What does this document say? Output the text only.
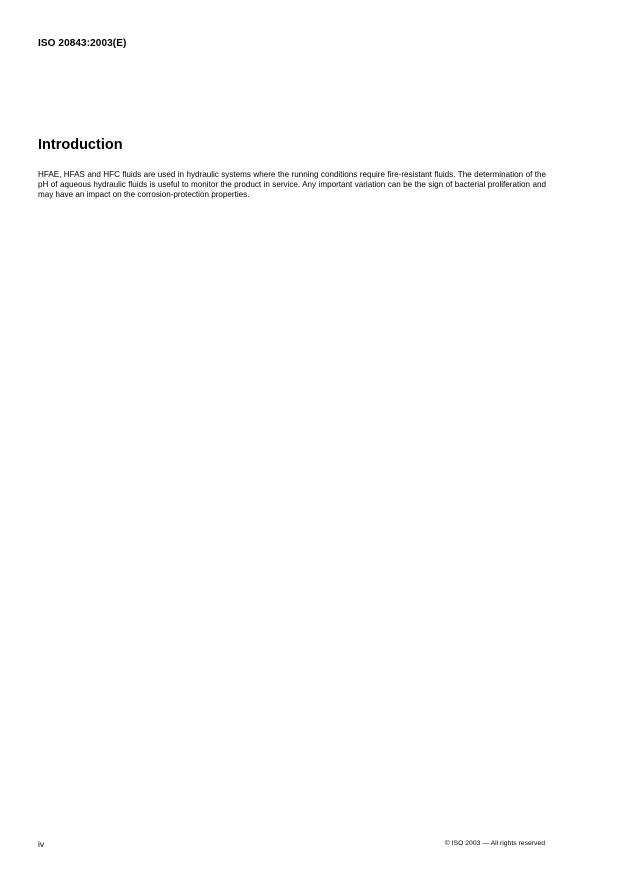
ISO 20843:2003(E)
Introduction

HFAE, HFAS and HFC fluids are used in hydraulic systems where the running conditions require fire-resistant fluids. The determination of the pH of aqueous hydraulic fluids is useful to monitor the product in service. Any important variation can be the sign of bacterial proliferation and may have an impact on the corrosion-protection properties.

iv	© ISO 2003 — All rights reserved
